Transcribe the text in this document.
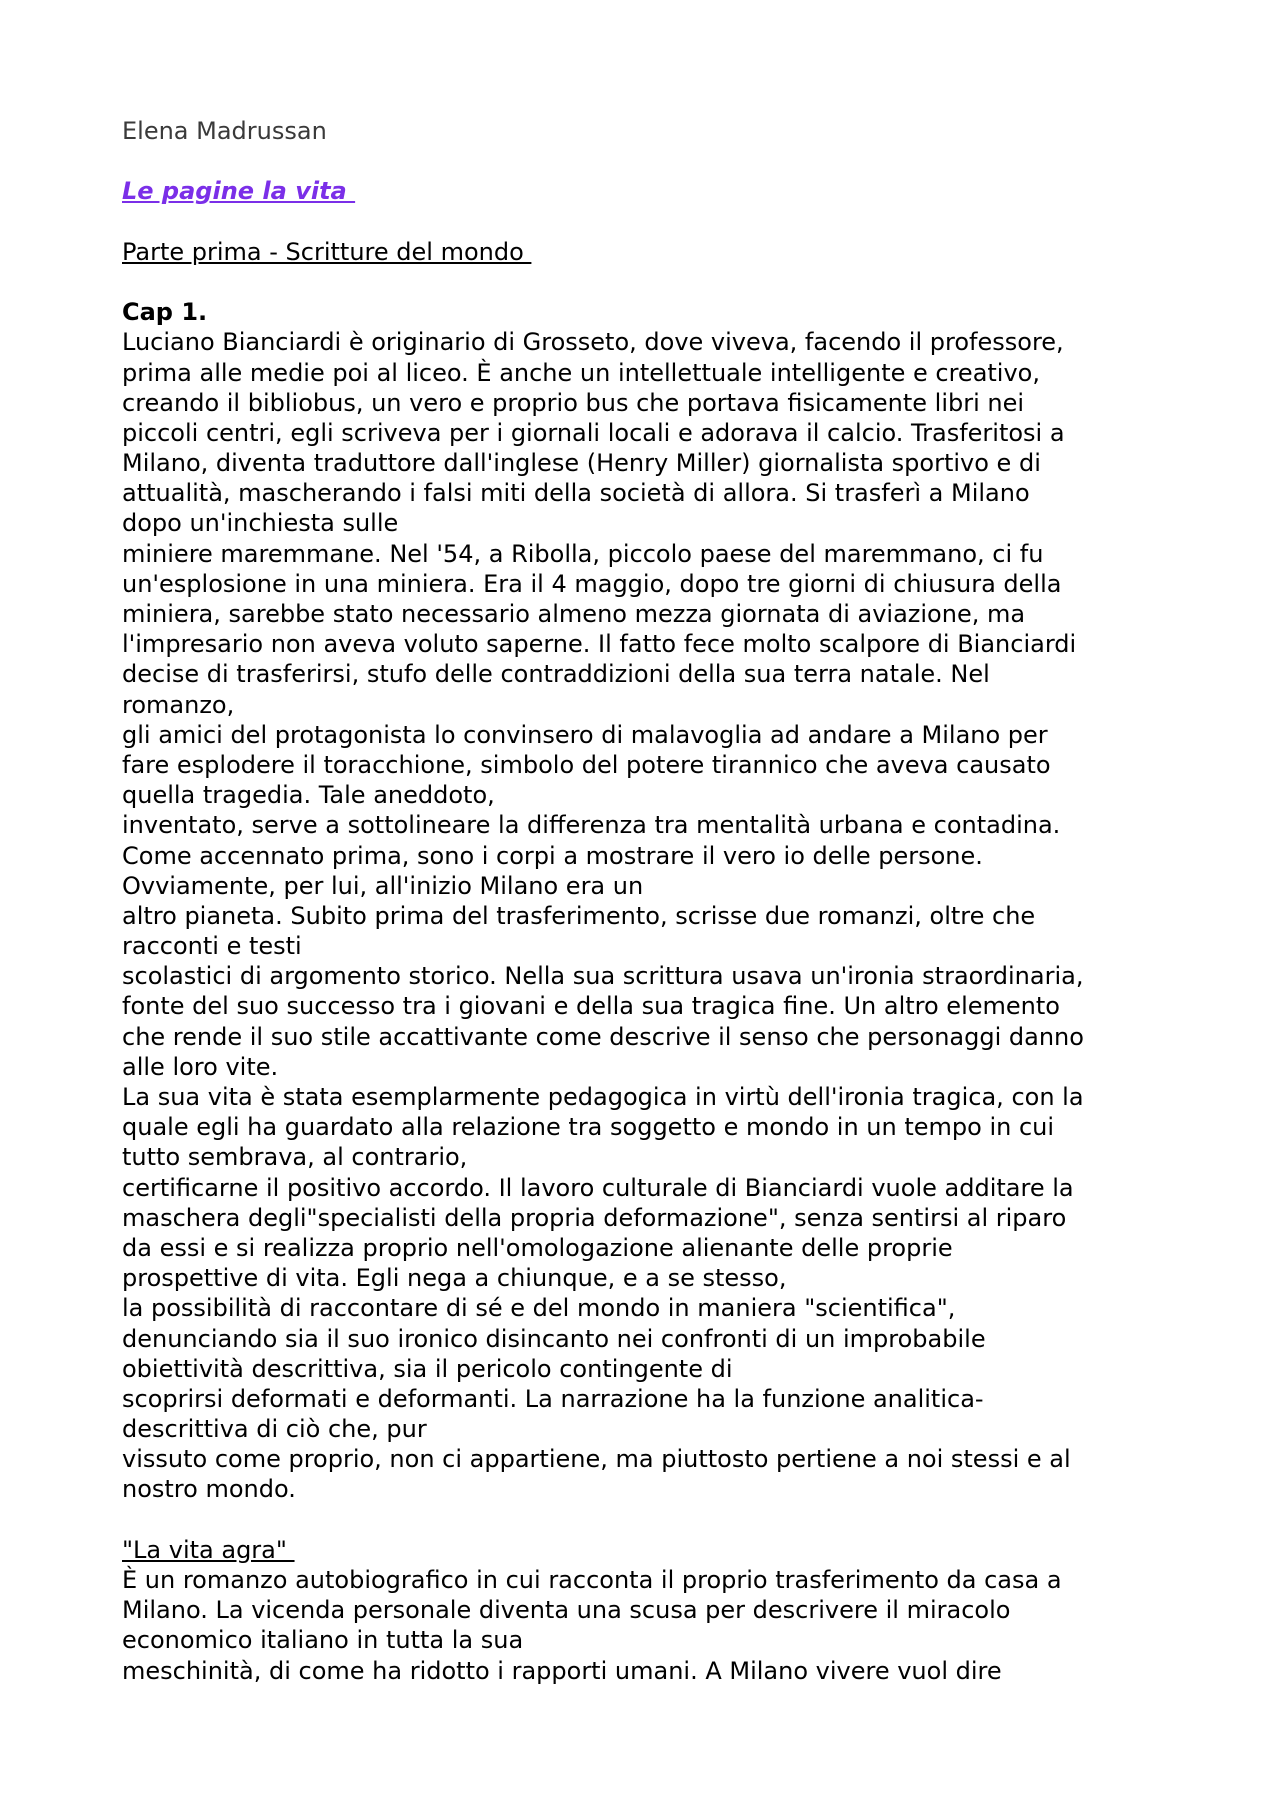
Elena Madrussan
Le pagine la vita
Parte prima - Scritture del mondo
Cap 1.
Luciano Bianciardi è originario di Grosseto, dove viveva, facendo il professore,
prima alle medie poi al liceo. È anche un intellettuale intelligente e creativo,
creando il bibliobus, un vero e proprio bus che portava fisicamente libri nei
piccoli centri, egli scriveva per i giornali locali e adorava il calcio. Trasferitosi a
Milano, diventa traduttore dall'inglese (Henry Miller) giornalista sportivo e di
attualità, mascherando i falsi miti della società di allora. Si trasferì a Milano
dopo un'inchiesta sulle
miniere maremmane. Nel '54, a Ribolla, piccolo paese del maremmano, ci fu
un'esplosione in una miniera. Era il 4 maggio, dopo tre giorni di chiusura della
miniera, sarebbe stato necessario almeno mezza giornata di aviazione, ma
l'impresario non aveva voluto saperne. Il fatto fece molto scalpore di Bianciardi
decise di trasferirsi, stufo delle contraddizioni della sua terra natale. Nel
romanzo,
gli amici del protagonista lo convinsero di malavoglia ad andare a Milano per
fare esplodere il toracchione, simbolo del potere tirannico che aveva causato
quella tragedia. Tale aneddoto,
inventato, serve a sottolineare la differenza tra mentalità urbana e contadina.
Come accennato prima, sono i corpi a mostrare il vero io delle persone.
Ovviamente, per lui, all'inizio Milano era un
altro pianeta. Subito prima del trasferimento, scrisse due romanzi, oltre che
racconti e testi
scolastici di argomento storico. Nella sua scrittura usava un'ironia straordinaria,
fonte del suo successo tra i giovani e della sua tragica fine. Un altro elemento
che rende il suo stile accattivante come descrive il senso che personaggi danno
alle loro vite.
La sua vita è stata esemplarmente pedagogica in virtù dell'ironia tragica, con la
quale egli ha guardato alla relazione tra soggetto e mondo in un tempo in cui
tutto sembrava, al contrario,
certificarne il positivo accordo. Il lavoro culturale di Bianciardi vuole additare la
maschera degli"specialisti della propria deformazione", senza sentirsi al riparo
da essi e si realizza proprio nell'omologazione alienante delle proprie
prospettive di vita. Egli nega a chiunque, e a se stesso,
la possibilità di raccontare di sé e del mondo in maniera "scientifica",
denunciando sia il suo ironico disincanto nei confronti di un improbabile
obiettività descrittiva, sia il pericolo contingente di
scoprirsi deformati e deformanti. La narrazione ha la funzione analitica-
descrittiva di ciò che, pur
vissuto come proprio, non ci appartiene, ma piuttosto pertiene a noi stessi e al
nostro mondo.
"La vita agra"
È un romanzo autobiografico in cui racconta il proprio trasferimento da casa a
Milano. La vicenda personale diventa una scusa per descrivere il miracolo
economico italiano in tutta la sua
meschinità, di come ha ridotto i rapporti umani. A Milano vivere vuol dire
